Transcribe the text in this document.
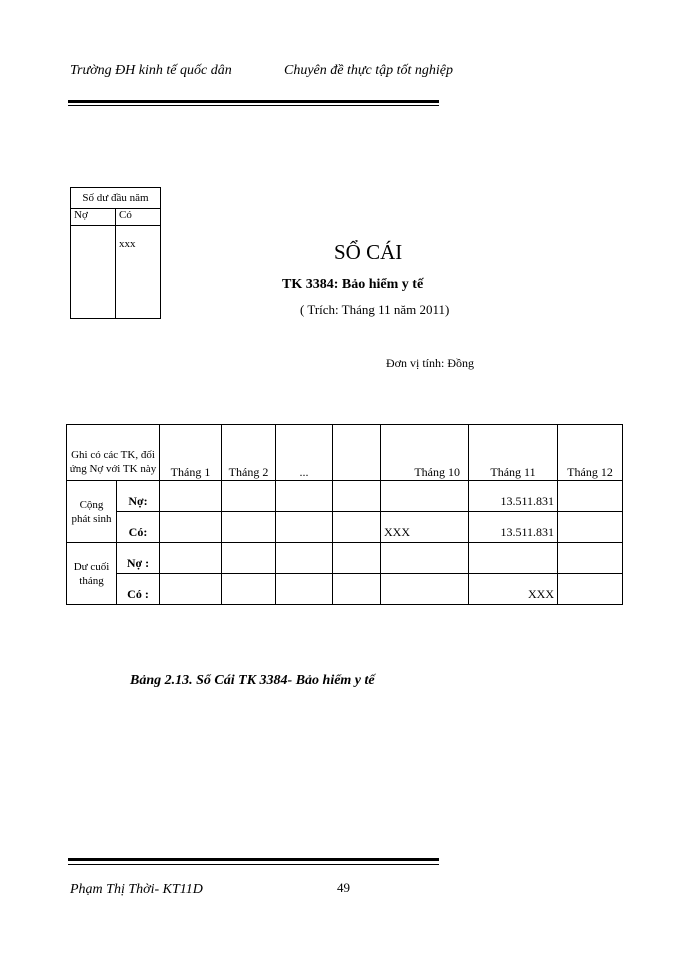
Trường ĐH kinh tế quốc dân	Chuyên đề thực tập tốt nghiệp
Số dư đầu năm	
Nợ	Có
	xxx	SỔ CÁI
TK 3384: Bảo hiểm y tế
( Trích: Tháng 11 năm 2011)
Đơn vị tính: Đồng
Ghi có các TK, đối ứng Nợ với TK này		Tháng 1	Tháng 2	...		Tháng 10	Tháng 11	Tháng 12
Cộng phát sinh	Nợ:						13.511.831	
	Có:					XXX	13.511.831	
Dư cuối tháng	Nợ :							
	Có :						XXX	
Bảng 2.13. Sổ Cái TK 3384- Bảo hiểm y tế
Phạm Thị Thời- KT11D	49
